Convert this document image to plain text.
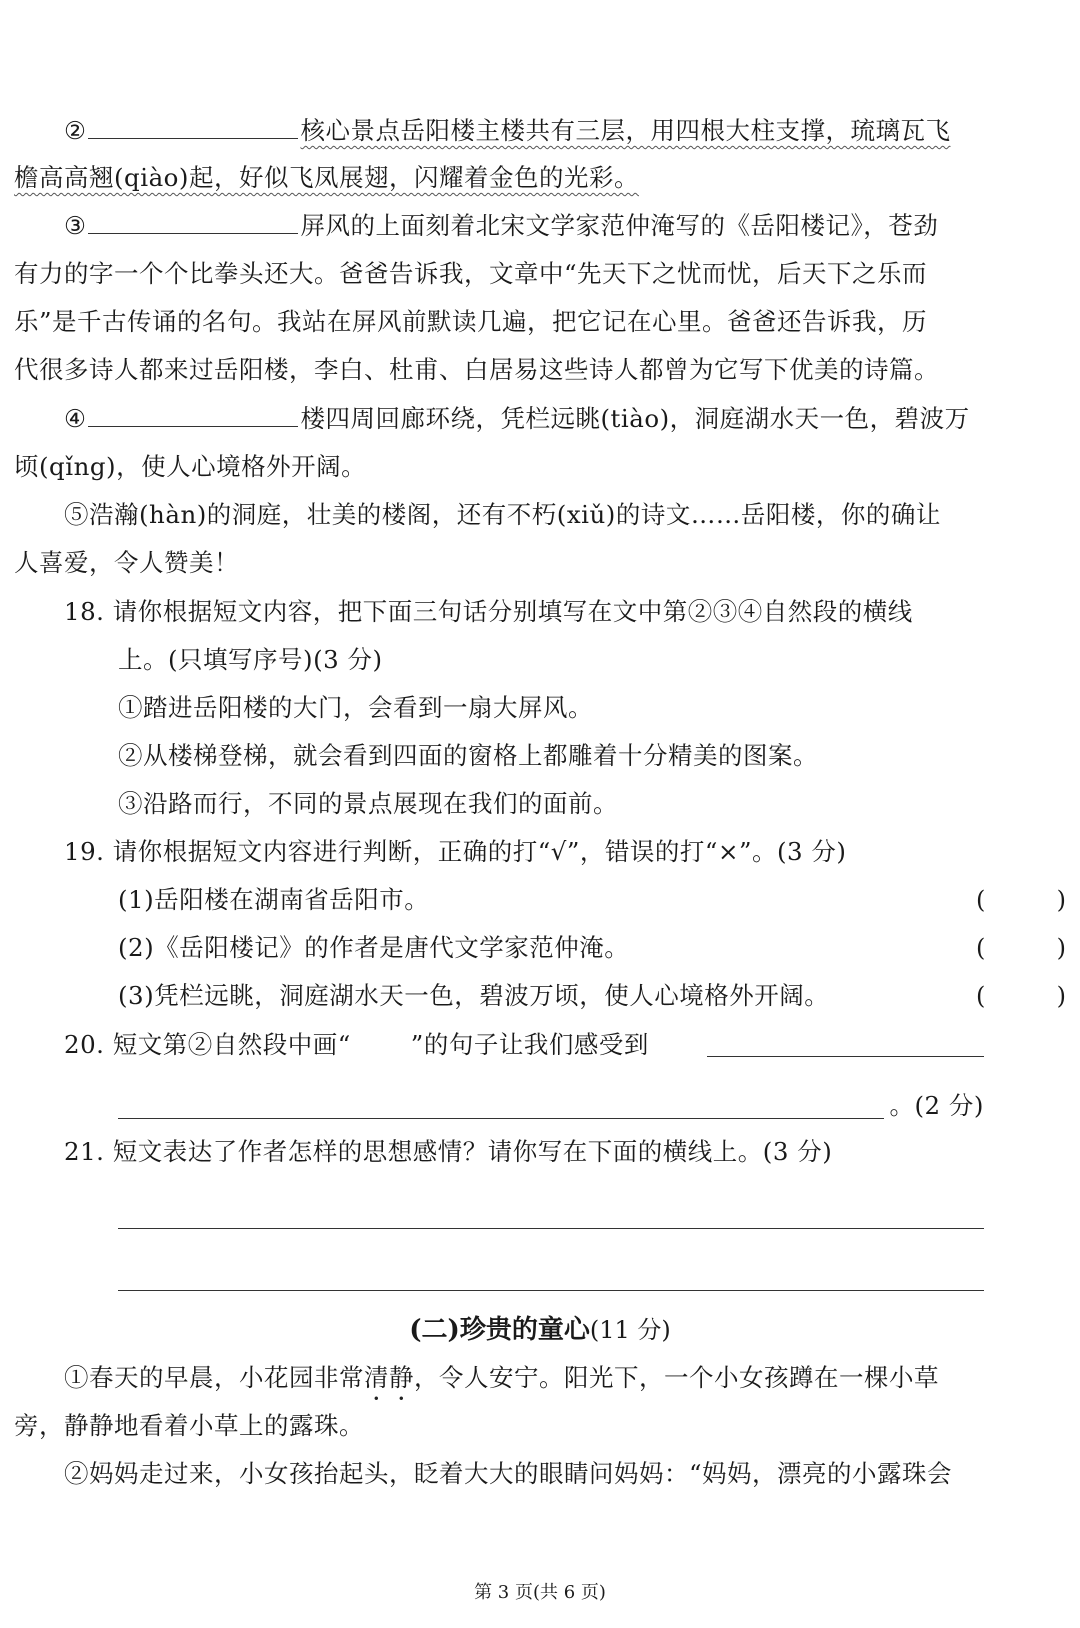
②	核心景点岳阳楼主楼共有三层，用四根大柱支撑，琉璃瓦飞
檐高高翘(qiào)起，好似飞凤展翅，闪耀着金色的光彩。
③	屏风的上面刻着北宋文学家范仲淹写的《岳阳楼记》，苍劲
有力的字一个个比拳头还大。爸爸告诉我，文章中“先天下之忧而忧，后天下之乐而
乐”是千古传诵的名句。我站在屏风前默读几遍，把它记在心里。爸爸还告诉我，历
代很多诗人都来过岳阳楼，李白、杜甫、白居易这些诗人都曾为它写下优美的诗篇。
④	楼四周回廊环绕，凭栏远眺(tiào)，洞庭湖水天一色，碧波万
顷(qǐng)，使人心境格外开阔。
⑤浩瀚(hàn)的洞庭，壮美的楼阁，还有不朽(xiǔ)的诗文……岳阳楼，你的确让
人喜爱，令人赞美！
18. 请你根据短文内容，把下面三句话分别填写在文中第②③④自然段的横线
上。(只填写序号)(3 分)
①踏进岳阳楼的大门，会看到一扇大屏风。
②从楼梯登梯，就会看到四面的窗格上都雕着十分精美的图案。
③沿路而行，不同的景点展现在我们的面前。
19. 请你根据短文内容进行判断，正确的打“√”，错误的打“×”。(3 分)
(1)岳阳楼在湖南省岳阳市。	(	)
(2)《岳阳楼记》的作者是唐代文学家范仲淹。	(	)
(3)凭栏远眺，洞庭湖水天一色，碧波万顷，使人心境格外开阔。	(	)
20. 短文第②自然段中画“ ”的句子让我们感受到
。(2 分)
21. 短文表达了作者怎样的思想感情？请你写在下面的横线上。(3 分)
(二)珍贵的童心(11 分)
①春天的早晨，小花园非常清静，令人安宁。阳光下，一个小女孩蹲在一棵小草
旁，静静地看着小草上的露珠。
②妈妈走过来，小女孩抬起头，眨着大大的眼睛问妈妈：“妈妈，漂亮的小露珠会
第 3 页(共 6 页)
